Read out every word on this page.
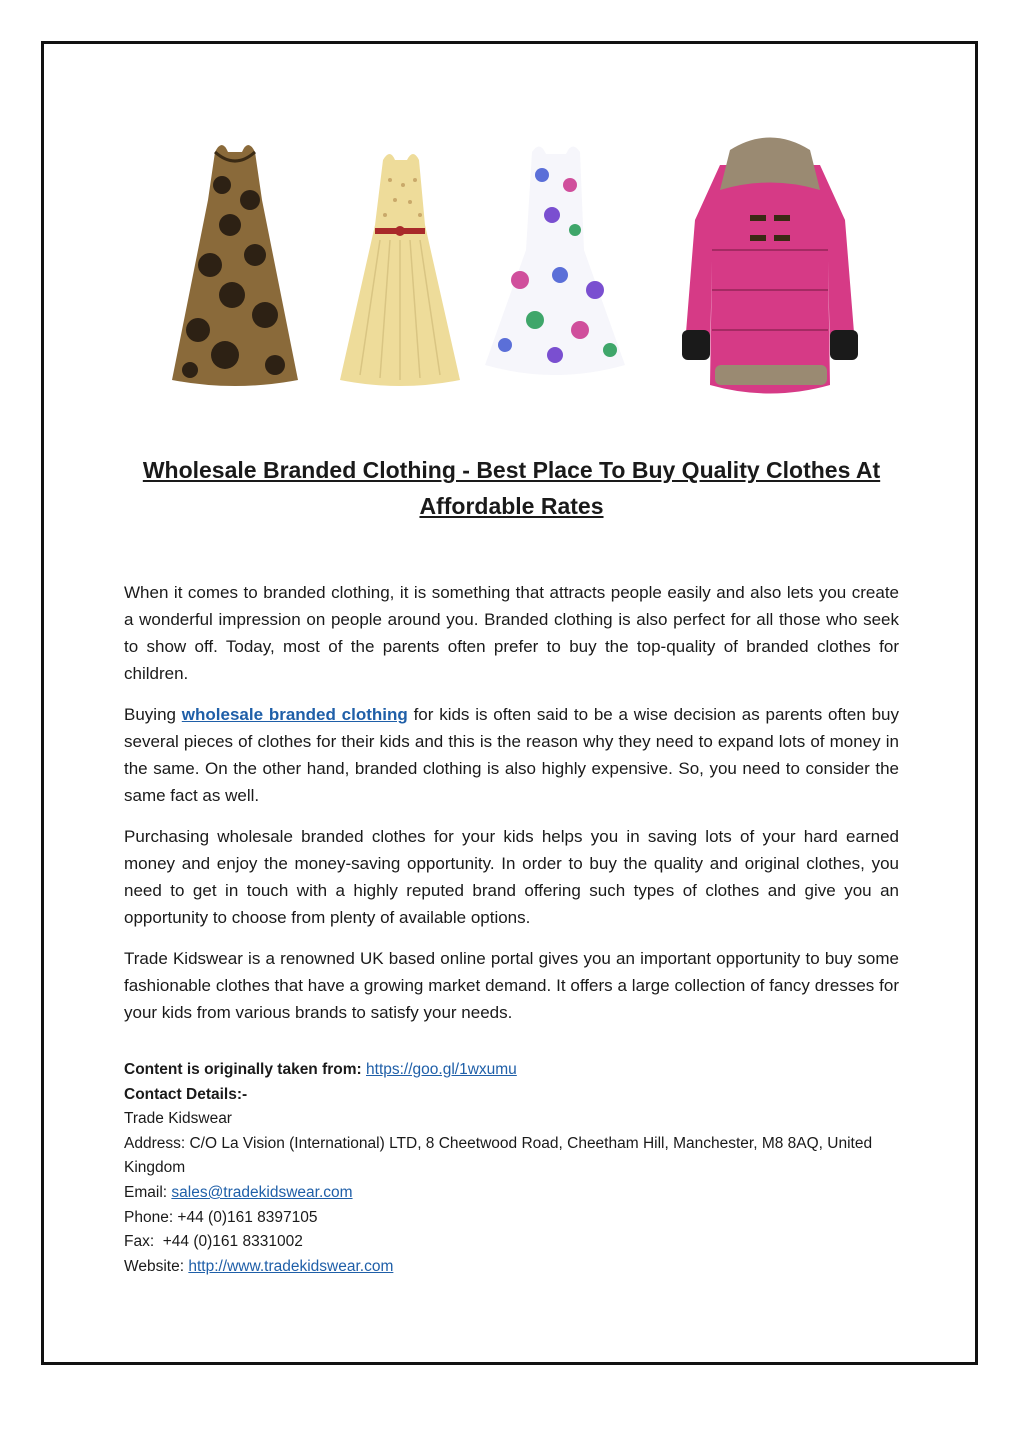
Wholesale Branded Clothing - Best Place To Buy Quality Clothes At Affordable Rates

When it comes to branded clothing, it is something that attracts people easily and also lets you create a wonderful impression on people around you. Branded clothing is also perfect for all those who seek to show off. Today, most of the parents often prefer to buy the top-quality of branded clothes for children.

Buying wholesale branded clothing for kids is often said to be a wise decision as parents often buy several pieces of clothes for their kids and this is the reason why they need to expand lots of money in the same. On the other hand, branded clothing is also highly expensive. So, you need to consider the same fact as well.

Purchasing wholesale branded clothes for your kids helps you in saving lots of your hard earned money and enjoy the money-saving opportunity. In order to buy the quality and original clothes, you need to get in touch with a highly reputed brand offering such types of clothes and give you an opportunity to choose from plenty of available options.

Trade Kidswear is a renowned UK based online portal gives you an important opportunity to buy some fashionable clothes that have a growing market demand. It offers a large collection of fancy dresses for your kids from various brands to satisfy your needs.

Content is originally taken from: https://goo.gl/1wxumu
Contact Details:-
Trade Kidswear
Address: C/O La Vision (International) LTD, 8 Cheetwood Road, Cheetham Hill, Manchester, M8 8AQ, United Kingdom
Email: sales@tradekidswear.com
Phone: +44 (0)161 8397105
Fax:  +44 (0)161 8331002
Website: http://www.tradekidswear.com
